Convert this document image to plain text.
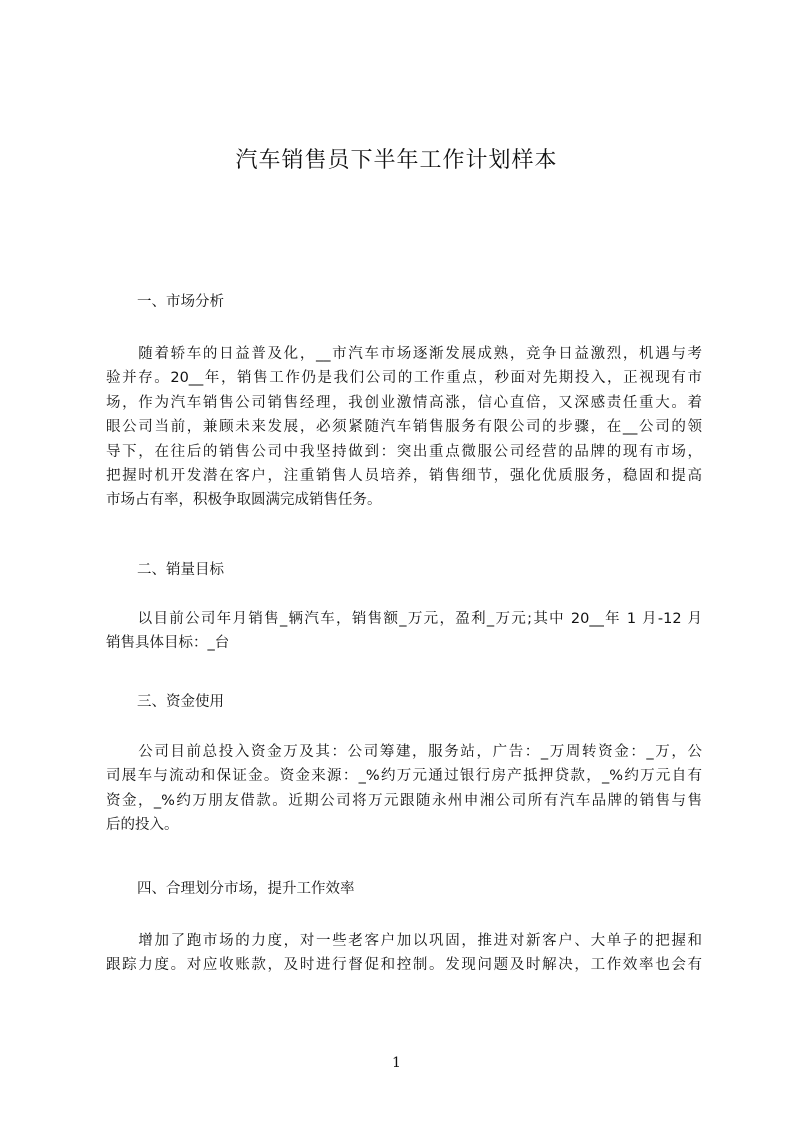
汽车销售员下半年工作计划样本
一、市场分析
　　随着轿车的日益普及化，__市汽车市场逐渐发展成熟，竞争日益激烈，机遇与考
验并存。20__年，销售工作仍是我们公司的工作重点，秒面对先期投入，正视现有市
场，作为汽车销售公司销售经理，我创业激情高涨，信心直倍，又深感责任重大。着
眼公司当前，兼顾未来发展，必须紧随汽车销售服务有限公司的步骤，在__公司的领
导下，在往后的销售公司中我坚持做到：突出重点微服公司经营的品牌的现有市场，
把握时机开发潜在客户，注重销售人员培养，销售细节，强化优质服务，稳固和提高
市场占有率，积极争取圆满完成销售任务。
二、销量目标
　　以目前公司年月销售_辆汽车，销售额_万元，盈利_万元;其中 20__年 1 月-12 月
销售具体目标：_台
三、资金使用
　　公司目前总投入资金万及其：公司筹建，服务站，广告：_万周转资金：_万，公
司展车与流动和保证金。资金来源：_%约万元通过银行房产抵押贷款，_%约万元自有
资金，_%约万朋友借款。近期公司将万元跟随永州申湘公司所有汽车品牌的销售与售
后的投入。
四、合理划分市场，提升工作效率
　　增加了跑市场的力度，对一些老客户加以巩固，推进对新客户、大单子的把握和
跟踪力度。对应收账款，及时进行督促和控制。发现问题及时解决，工作效率也会有
1
